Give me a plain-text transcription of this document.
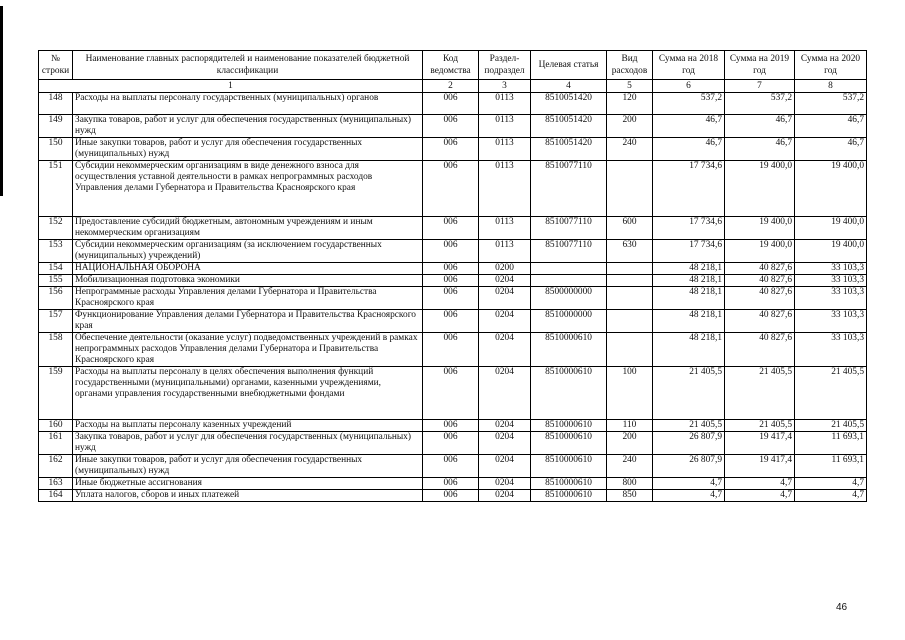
№ строки	Наименование главных распорядителей и наименование показателей бюджетной классификации	Код ведомства	Раздел- подраздел	Целевая статья	Вид расходов	Сумма на 2018 год	Сумма на 2019 год	Сумма на 2020 год
1		2	3	4	5	6	7	8
148	Расходы на выплаты персоналу государственных (муниципальных) органов	006	0113	8510051420	120	537,2	537,2	537,2
149	Закупка товаров, работ и услуг для обеспечения государственных (муниципальных) нужд	006	0113	8510051420	200	46,7	46,7	46,7
150	Иные закупки товаров, работ и услуг для обеспечения государственных (муниципальных) нужд	006	0113	8510051420	240	46,7	46,7	46,7
151	Субсидии некоммерческим организациям в виде денежного взноса для осуществления уставной деятельности в рамках непрограммных расходов Управления делами Губернатора и Правительства Красноярского края	006	0113	8510077110		17 734,6	19 400,0	19 400,0
152	Предоставление субсидий бюджетным, автономным учреждениям и иным некоммерческим организациям	006	0113	8510077110	600	17 734,6	19 400,0	19 400,0
153	Субсидии некоммерческим организациям (за исключением государственных (муниципальных) учреждений)	006	0113	8510077110	630	17 734,6	19 400,0	19 400,0
154	НАЦИОНАЛЬНАЯ ОБОРОНА	006	0200			48 218,1	40 827,6	33 103,3
155	Мобилизационная подготовка экономики	006	0204			48 218,1	40 827,6	33 103,3
156	Непрограммные расходы Управления делами Губернатора и Правительства Красноярского края	006	0204	8500000000		48 218,1	40 827,6	33 103,3
157	Функционирование Управления делами Губернатора и Правительства Красноярского края	006	0204	8510000000		48 218,1	40 827,6	33 103,3
158	Обеспечение деятельности (оказание услуг) подведомственных учреждений в рамках непрограммных расходов Управления делами Губернатора и Правительства Красноярского края	006	0204	8510000610		48 218,1	40 827,6	33 103,3
159	Расходы на выплаты персоналу в целях обеспечения выполнения функций государственными (муниципальными) органами, казенными учреждениями, органами управления государственными внебюджетными фондами	006	0204	8510000610	100	21 405,5	21 405,5	21 405,5
160	Расходы на выплаты персоналу казенных учреждений	006	0204	8510000610	110	21 405,5	21 405,5	21 405,5
161	Закупка товаров, работ и услуг для обеспечения государственных (муниципальных) нужд	006	0204	8510000610	200	26 807,9	19 417,4	11 693,1
162	Иные закупки товаров, работ и услуг для обеспечения государственных (муниципальных) нужд	006	0204	8510000610	240	26 807,9	19 417,4	11 693,1
163	Иные бюджетные ассигнования	006	0204	8510000610	800	4,7	4,7	4,7
164	Уплата налогов, сборов и иных платежей	006	0204	8510000610	850	4,7	4,7	4,7
46
